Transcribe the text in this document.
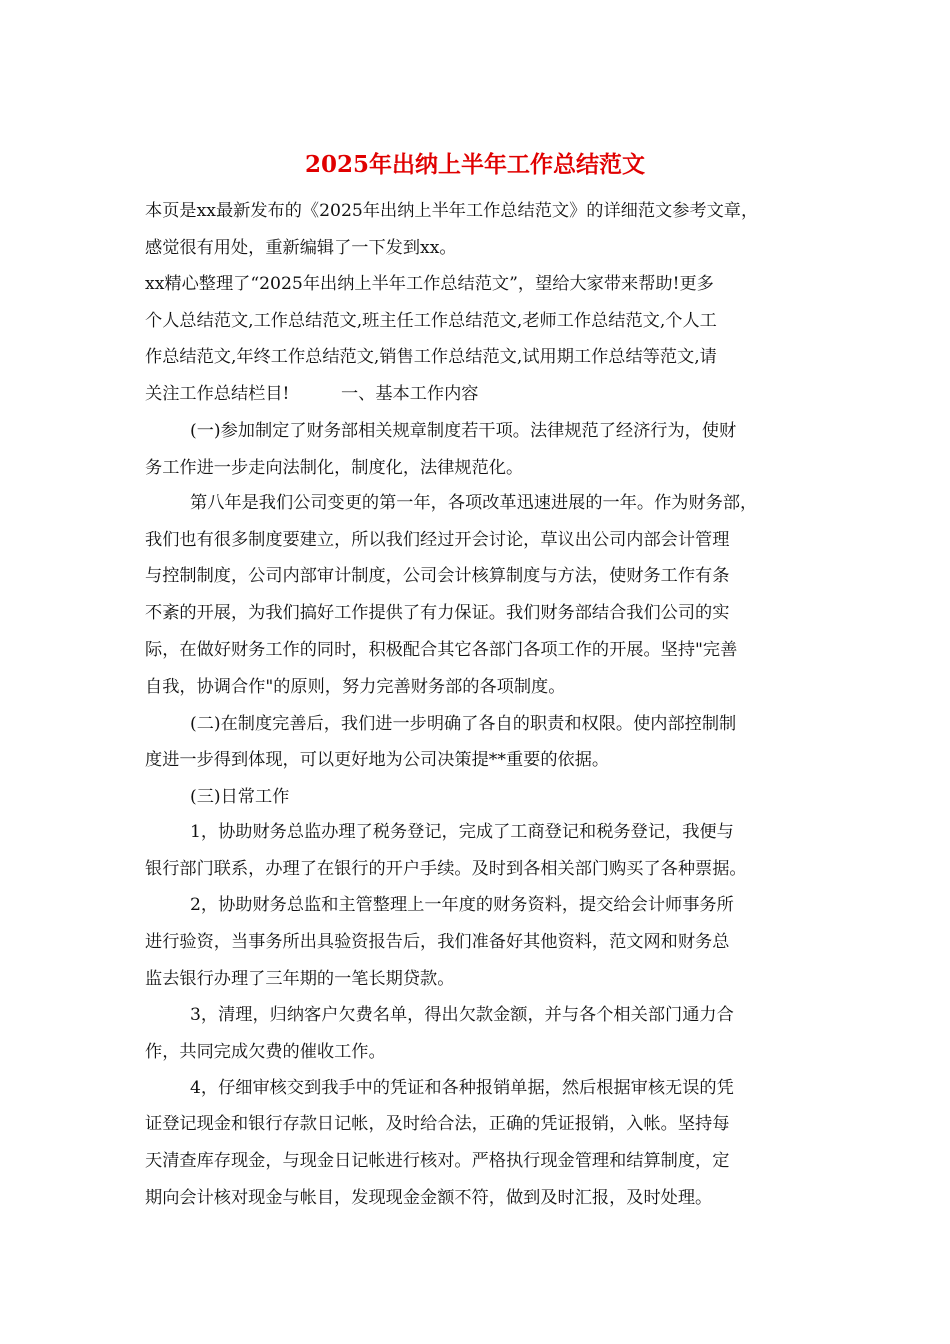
2025年出纳上半年工作总结范文
本页是xx最新发布的《2025年出纳上半年工作总结范文》的详细范文参考文章，
感觉很有用处，重新编辑了一下发到xx。
xx精心整理了“2025年出纳上半年工作总结范文”，望给大家带来帮助!更多
个人总结范文,工作总结范文,班主任工作总结范文,老师工作总结范文,个人工
作总结范文,年终工作总结范文,销售工作总结范文,试用期工作总结等范文,请
关注工作总结栏目!　　　一、基本工作内容
(一)参加制定了财务部相关规章制度若干项。法律规范了经济行为，使财
务工作进一步走向法制化，制度化，法律规范化。
第八年是我们公司变更的第一年，各项改革迅速进展的一年。作为财务部，
我们也有很多制度要建立，所以我们经过开会讨论，草议出公司内部会计管理
与控制制度，公司内部审计制度，公司会计核算制度与方法，使财务工作有条
不紊的开展，为我们搞好工作提供了有力保证。我们财务部结合我们公司的实
际，在做好财务工作的同时，积极配合其它各部门各项工作的开展。坚持"完善
自我，协调合作"的原则，努力完善财务部的各项制度。
(二)在制度完善后，我们进一步明确了各自的职责和权限。使内部控制制
度进一步得到体现，可以更好地为公司决策提**重要的依据。
(三)日常工作
1，协助财务总监办理了税务登记，完成了工商登记和税务登记，我便与
银行部门联系，办理了在银行的开户手续。及时到各相关部门购买了各种票据。
2，协助财务总监和主管整理上一年度的财务资料，提交给会计师事务所
进行验资，当事务所出具验资报告后，我们准备好其他资料，范文网和财务总
监去银行办理了三年期的一笔长期贷款。
3，清理，归纳客户欠费名单，得出欠款金额，并与各个相关部门通力合
作，共同完成欠费的催收工作。
4，仔细审核交到我手中的凭证和各种报销单据，然后根据审核无误的凭
证登记现金和银行存款日记帐，及时给合法，正确的凭证报销，入帐。坚持每
天清查库存现金，与现金日记帐进行核对。严格执行现金管理和结算制度，定
期向会计核对现金与帐目，发现现金金额不符，做到及时汇报，及时处理。
